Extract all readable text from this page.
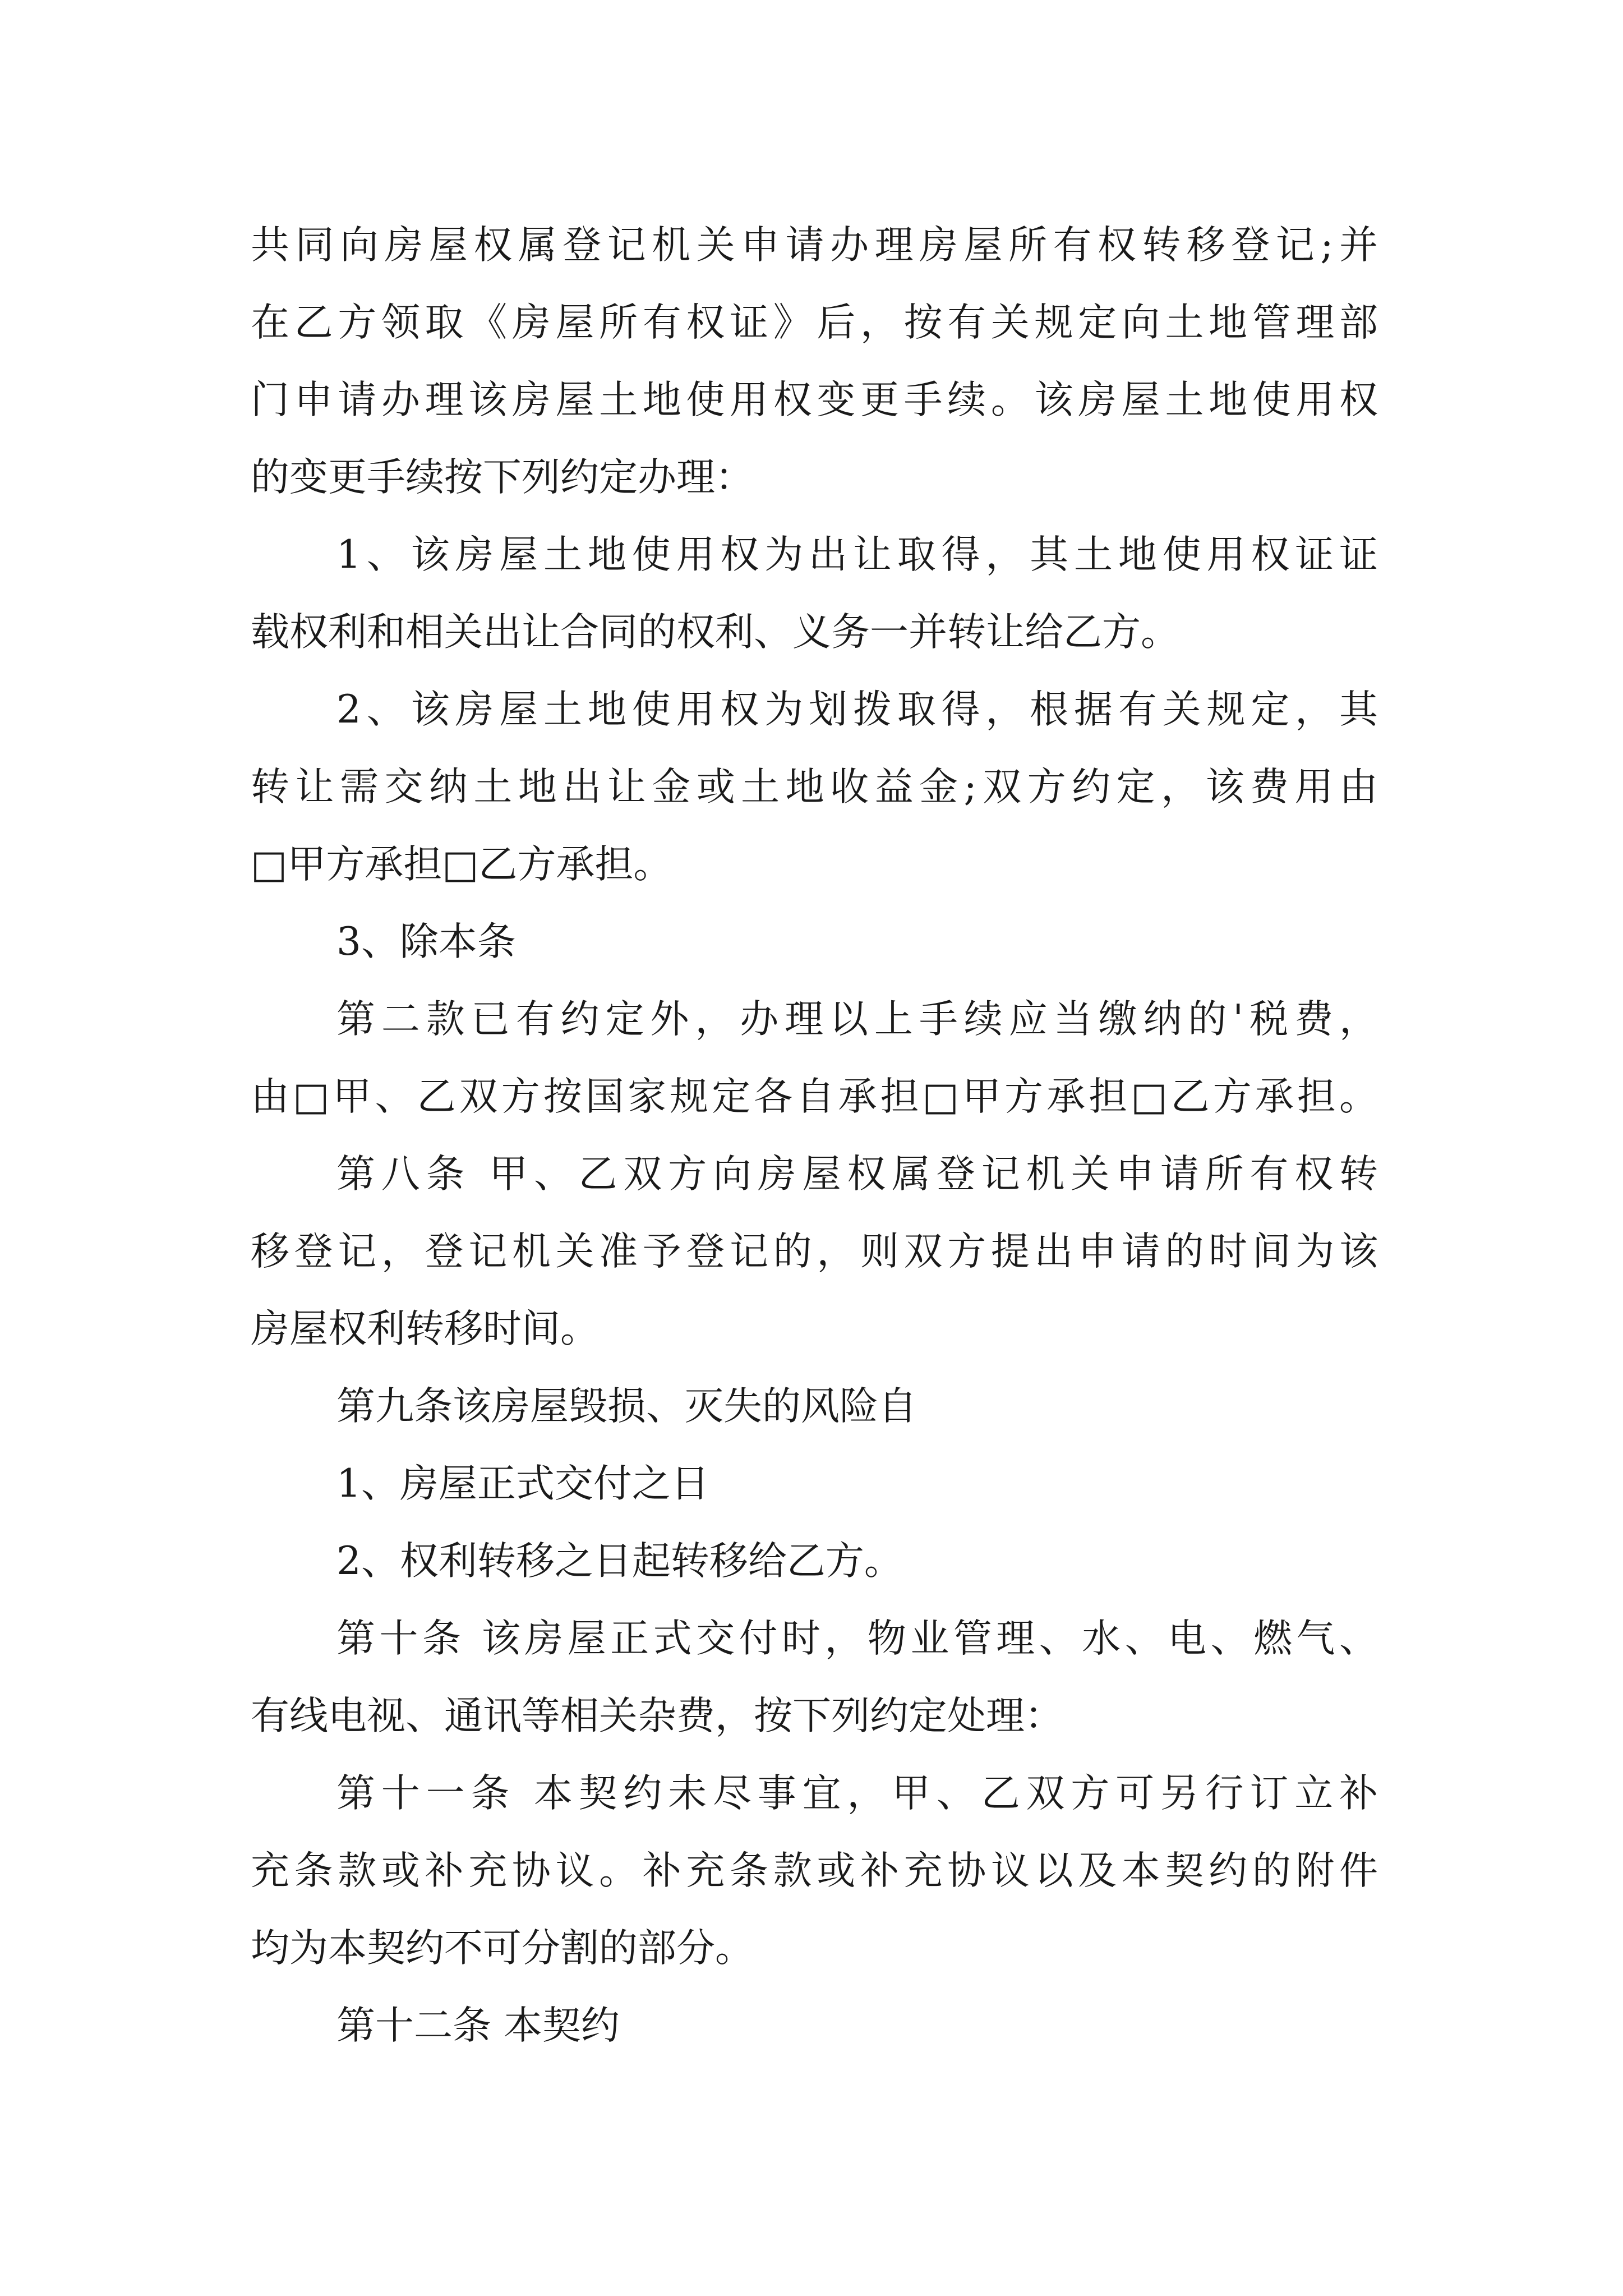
共同向房屋权属登记机关申请办理房屋所有权转移登记;并
在乙方领取《房屋所有权证》后，按有关规定向土地管理部
门申请办理该房屋土地使用权变更手续。该房屋土地使用权
的变更手续按下列约定办理：
1、该房屋土地使用权为出让取得，其土地使用权证证
载权利和相关出让合同的权利、义务一并转让给乙方。
2、该房屋土地使用权为划拨取得，根据有关规定，其
转让需交纳土地出让金或土地收益金;双方约定，该费用由
□甲方承担□乙方承担。
3、除本条
第二款已有约定外，办理以上手续应当缴纳的'税费，
由□甲、乙双方按国家规定各自承担□甲方承担□乙方承担。
第八条 甲、乙双方向房屋权属登记机关申请所有权转
移登记，登记机关准予登记的，则双方提出申请的时间为该
房屋权利转移时间。
第九条该房屋毁损、灭失的风险自
1、房屋正式交付之日
2、权利转移之日起转移给乙方。
第十条 该房屋正式交付时，物业管理、水、电、燃气、
有线电视、通讯等相关杂费，按下列约定处理：
第十一条 本契约未尽事宜，甲、乙双方可另行订立补
充条款或补充协议。补充条款或补充协议以及本契约的附件
均为本契约不可分割的部分。
第十二条 本契约
